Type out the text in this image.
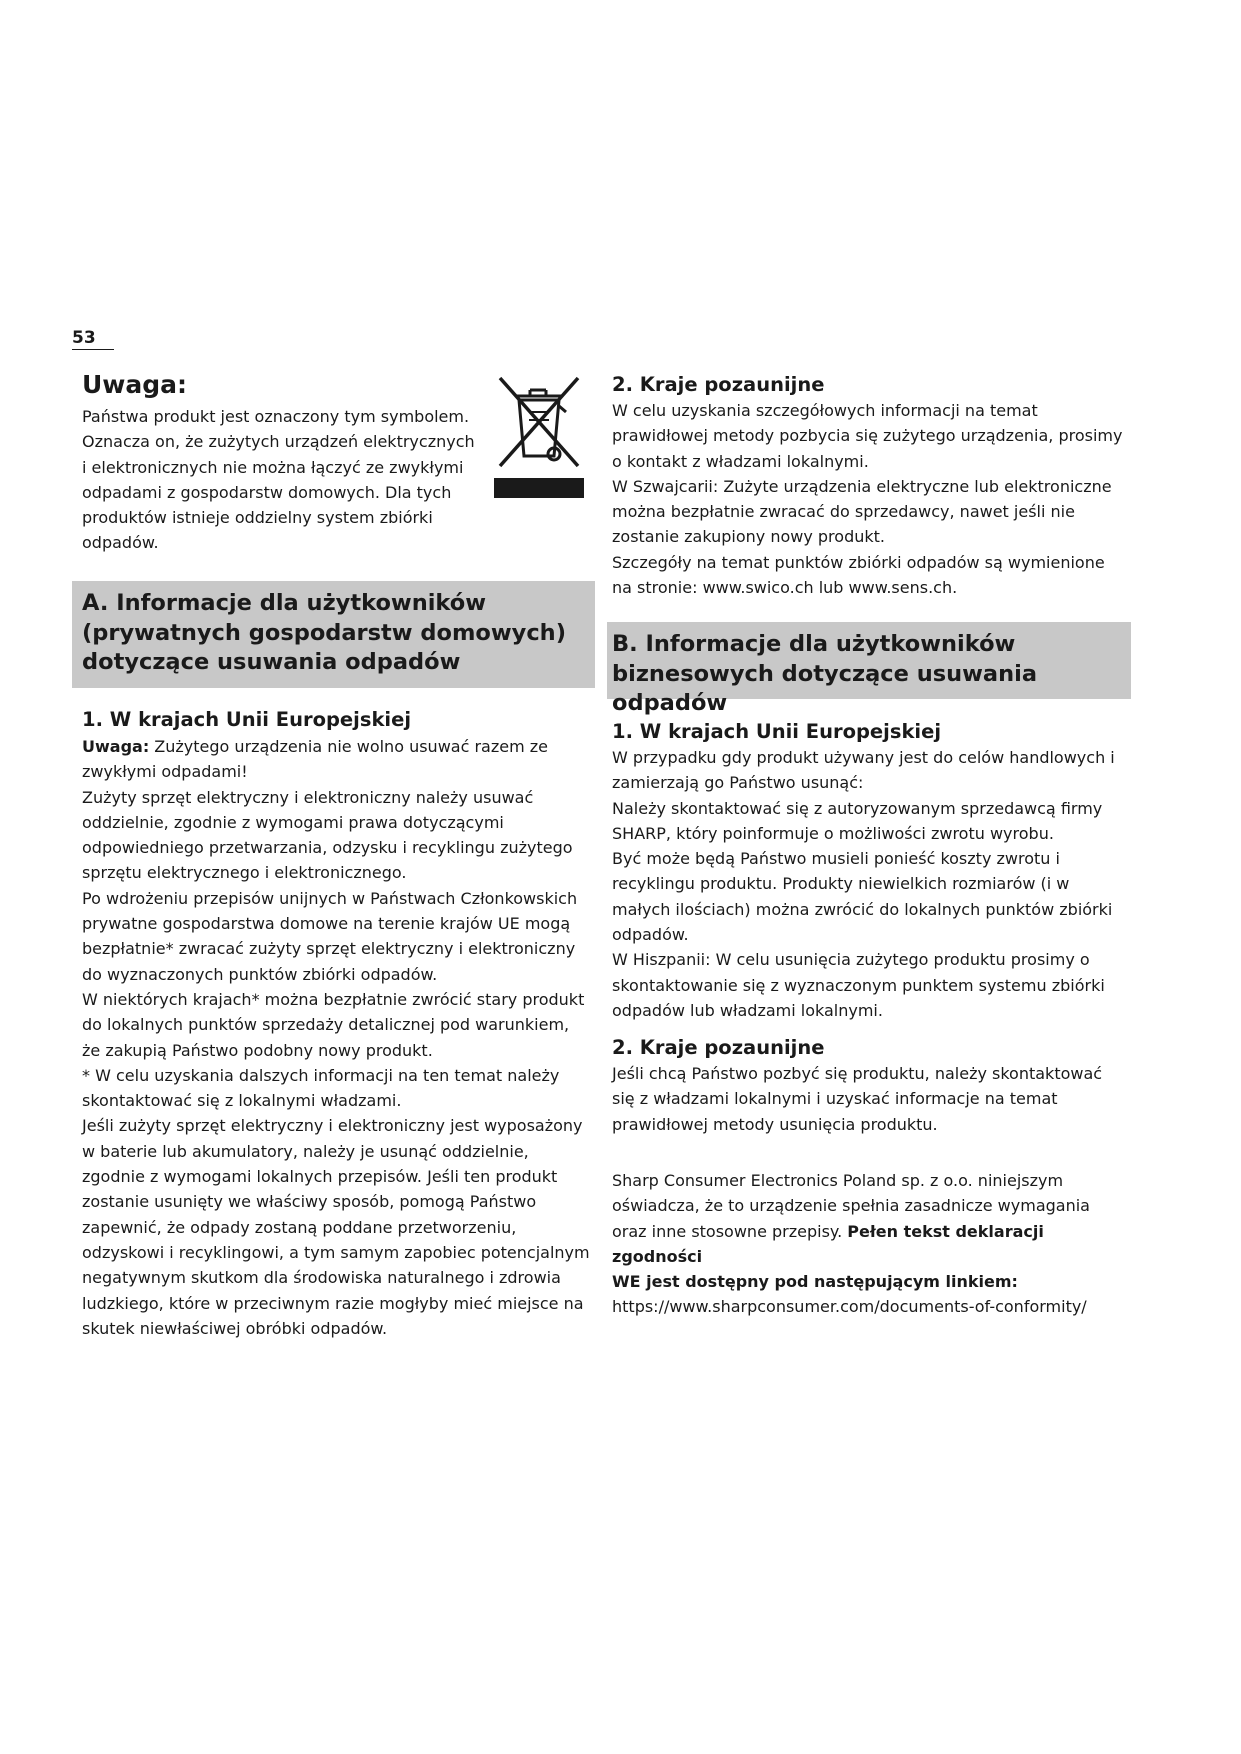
53
Uwaga:

Państwa produkt jest oznaczony tym symbolem.

Oznacza on, że zużytych urządzeń elektrycznych

i elektronicznych nie można łączyć ze zwykłymi

odpadami z gospodarstw domowych. Dla tych

produktów istnieje oddzielny system zbiórki

odpadów.

A. Informacje dla użytkowników
(prywatnych gospodarstw domowych)
dotyczące usuwania odpadów
1. W krajach Unii Europejskiej

Uwaga: Zużytego urządzenia nie wolno usuwać razem ze

zwykłymi odpadami!

Zużyty sprzęt elektryczny i elektroniczny należy usuwać

oddzielnie, zgodnie z wymogami prawa dotyczącymi

odpowiedniego przetwarzania, odzysku i recyklingu zużytego

sprzętu elektrycznego i elektronicznego.

Po wdrożeniu przepisów unijnych w Państwach Członkowskich

prywatne gospodarstwa domowe na terenie krajów UE mogą

bezpłatnie* zwracać zużyty sprzęt elektryczny i elektroniczny

do wyznaczonych punktów zbiórki odpadów.

W niektórych krajach* można bezpłatnie zwrócić stary produkt

do lokalnych punktów sprzedaży detalicznej pod warunkiem,

że zakupią Państwo podobny nowy produkt.

* W celu uzyskania dalszych informacji na ten temat należy

skontaktować się z lokalnymi władzami.

Jeśli zużyty sprzęt elektryczny i elektroniczny jest wyposażony

w baterie lub akumulatory, należy je usunąć oddzielnie,

zgodnie z wymogami lokalnych przepisów. Jeśli ten produkt

zostanie usunięty we właściwy sposób, pomogą Państwo

zapewnić, że odpady zostaną poddane przetworzeniu,

odzyskowi i recyklingowi, a tym samym zapobiec potencjalnym

negatywnym skutkom dla środowiska naturalnego i zdrowia

ludzkiego, które w przeciwnym razie mogłyby mieć miejsce na

skutek niewłaściwej obróbki odpadów.

2. Kraje pozaunijne

W celu uzyskania szczegółowych informacji na temat

prawidłowej metody pozbycia się zużytego urządzenia, prosimy

o kontakt z władzami lokalnymi.

W Szwajcarii: Zużyte urządzenia elektryczne lub elektroniczne

można bezpłatnie zwracać do sprzedawcy, nawet jeśli nie

zostanie zakupiony nowy produkt.

Szczegóły na temat punktów zbiórki odpadów są wymienione

na stronie: www.swico.ch lub www.sens.ch.

B. Informacje dla użytkowników
biznesowych dotyczące usuwania odpadów
1. W krajach Unii Europejskiej

W przypadku gdy produkt używany jest do celów handlowych i

zamierzają go Państwo usunąć:

Należy skontaktować się z autoryzowanym sprzedawcą firmy

SHARP, który poinformuje o możliwości zwrotu wyrobu.

Być może będą Państwo musieli ponieść koszty zwrotu i

recyklingu produktu. Produkty niewielkich rozmiarów (i w

małych ilościach) można zwrócić do lokalnych punktów zbiórki

odpadów.

W Hiszpanii: W celu usunięcia zużytego produktu prosimy o

skontaktowanie się z wyznaczonym punktem systemu zbiórki

odpadów lub władzami lokalnymi.

2. Kraje pozaunijne

Jeśli chcą Państwo pozbyć się produktu, należy skontaktować

się z władzami lokalnymi i uzyskać informacje na temat

prawidłowej metody usunięcia produktu.

Sharp Consumer Electronics Poland sp. z o.o. niniejszym

oświadcza, że to urządzenie spełnia zasadnicze wymagania

oraz inne stosowne przepisy. Pełen tekst deklaracji zgodności

WE jest dostępny pod następującym linkiem:

https://www.sharpconsumer.com/documents-of-conformity/
